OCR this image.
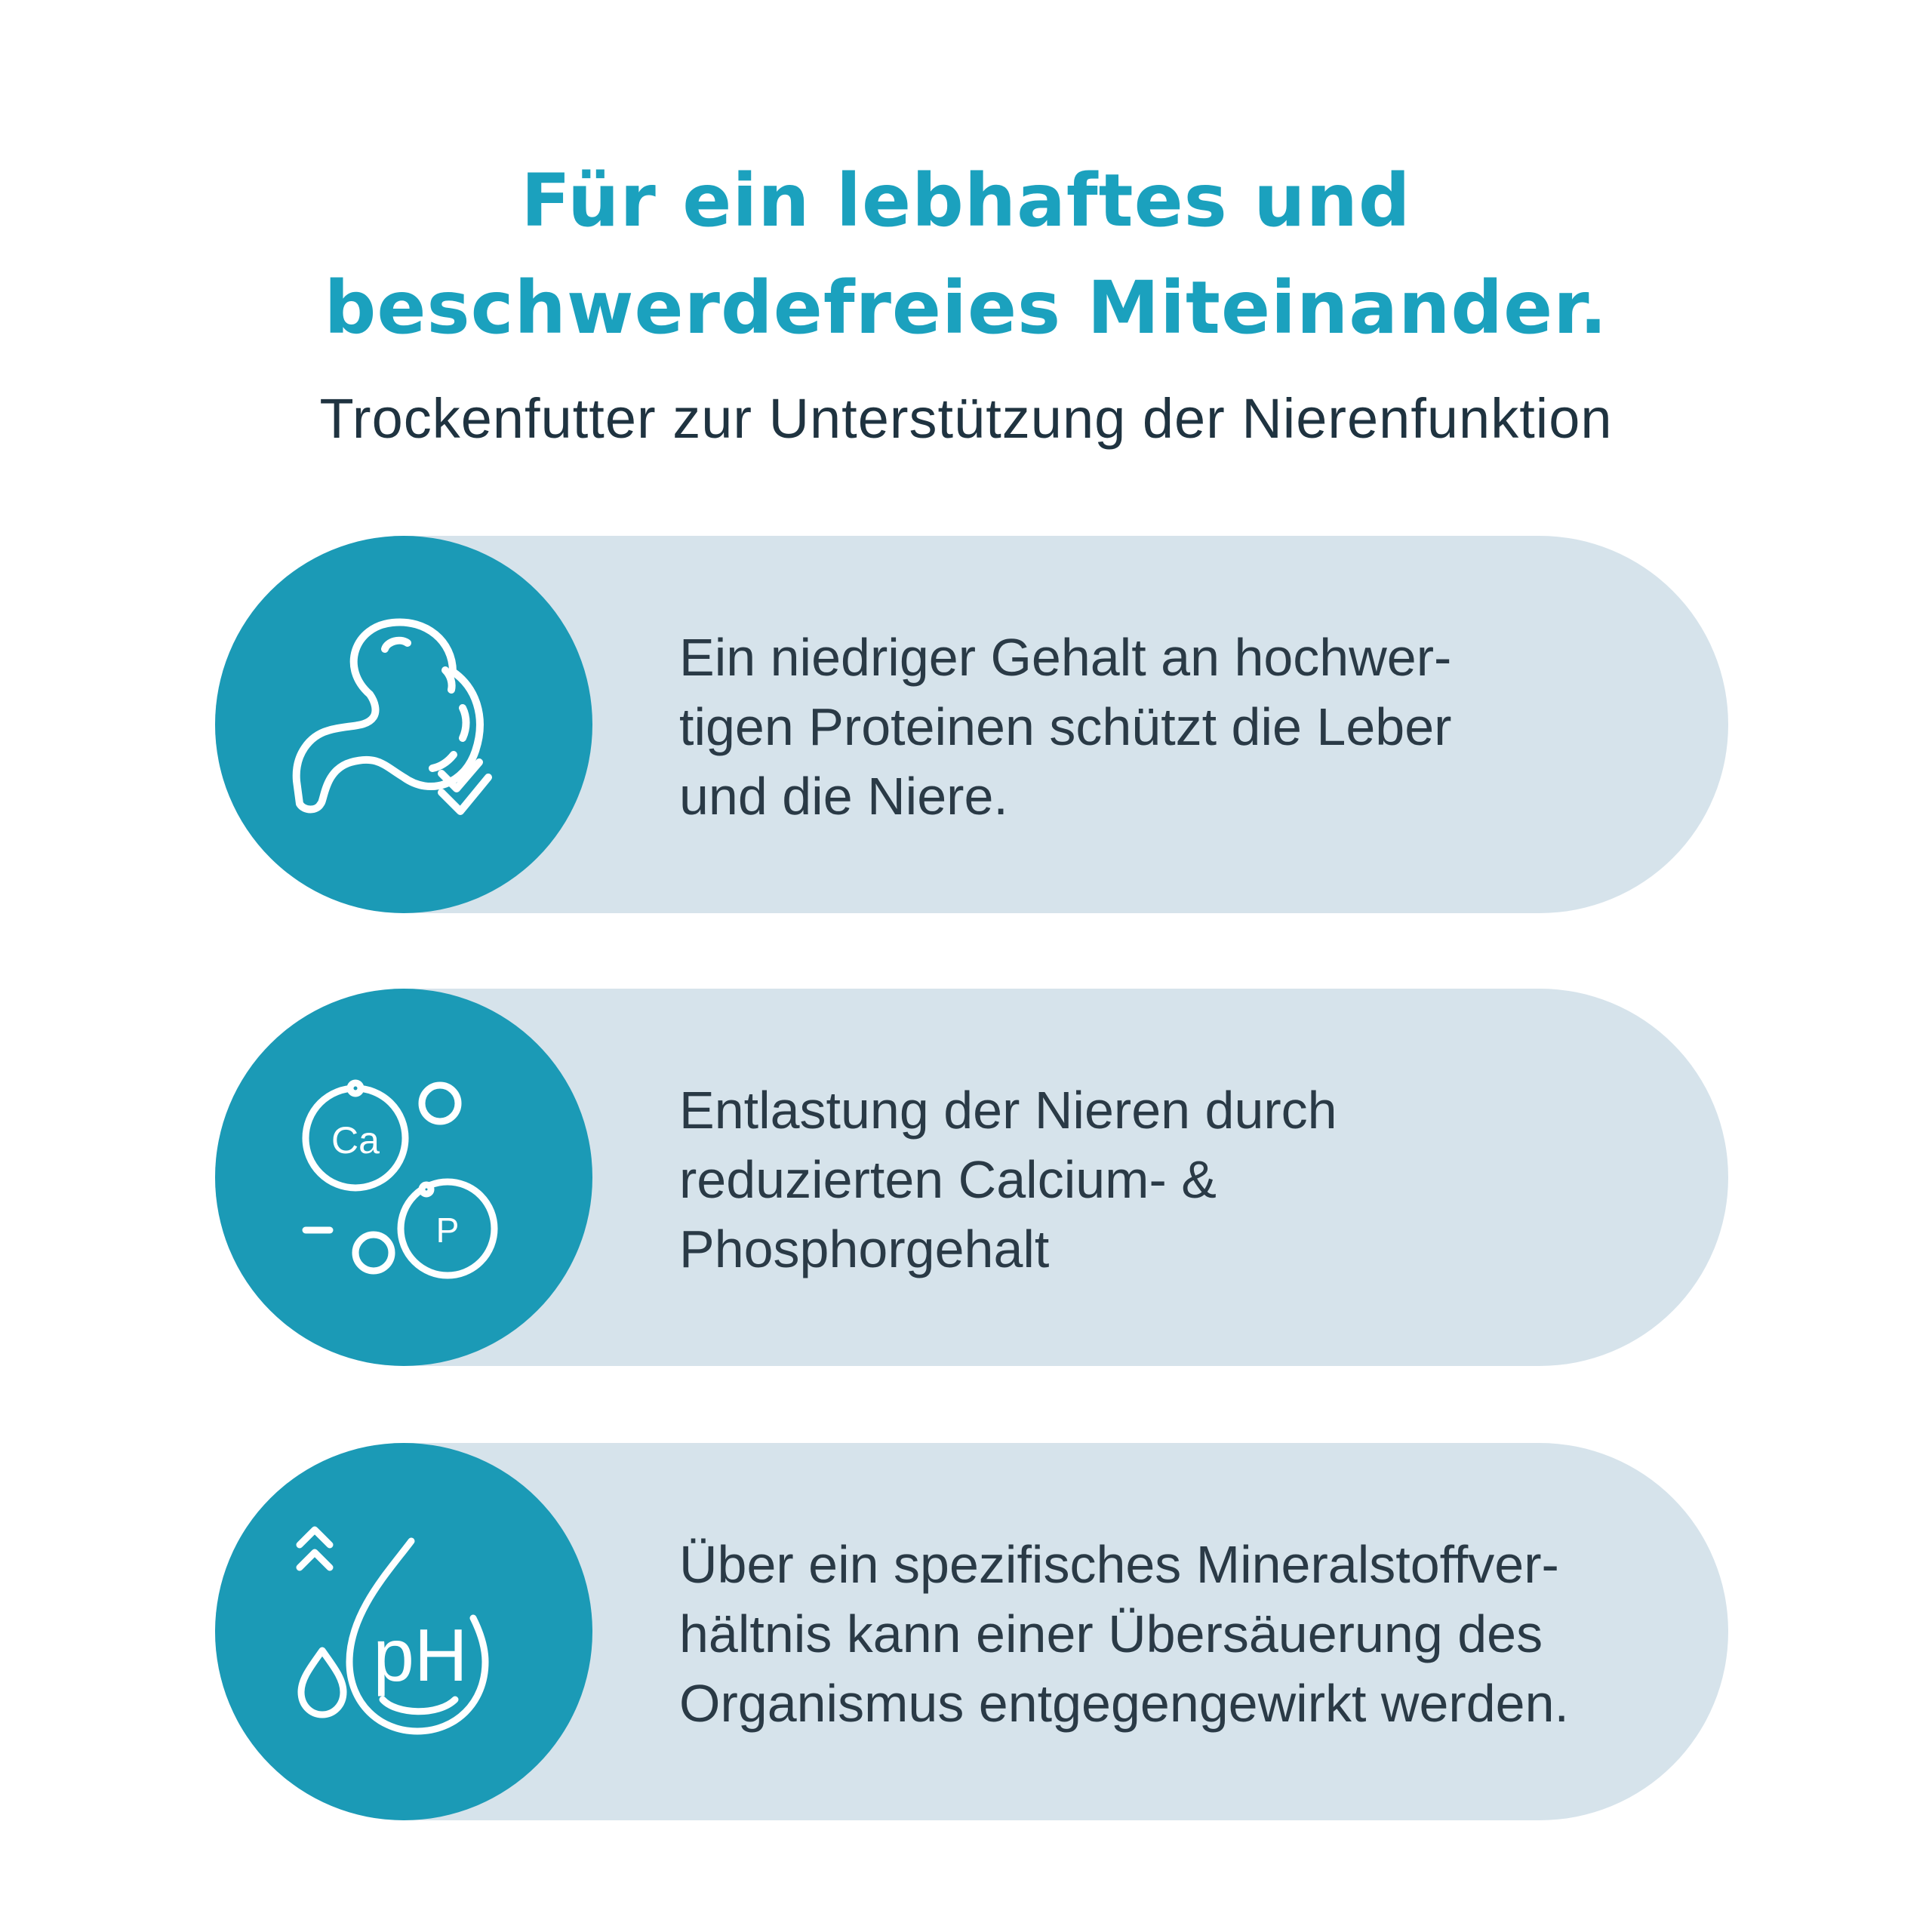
Für ein lebhaftes und
beschwerdefreies Miteinander.
Trockenfutter zur Unterstützung der Nierenfunktion
Ein niedriger Gehalt an hochwer-
tigen Proteinen schützt die Leber
und die Niere.
Ca
P
Entlastung der Nieren durch
reduzierten Calcium- &
Phosphorgehalt
pH
Über ein spezifisches Mineralstoffver-
hältnis kann einer Übersäuerung des
Organismus entgegengewirkt werden.
